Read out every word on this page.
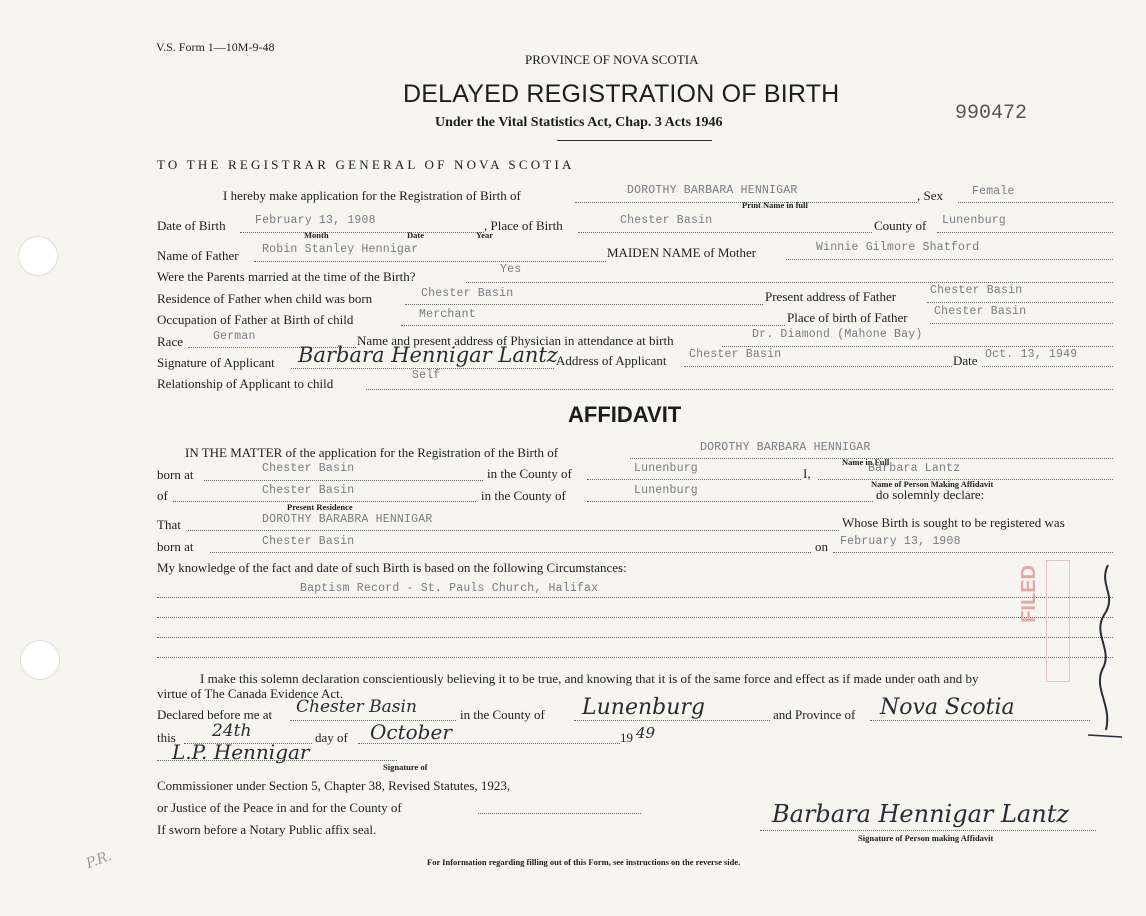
V.S. Form 1—10M-9-48
PROVINCE OF NOVA SCOTIA
DELAYED REGISTRATION OF BIRTH
Under the Vital Statistics Act, Chap. 3 Acts 1946	990472
TO THE REGISTRAR GENERAL OF NOVA SCOTIA
I hereby make application for the Registration of Birth of	DOROTHY BARBARA HENNIGAR
Print Name in full
, Sex	Female
Date of Birth	February 13, 1908
Month	Date	Year
, Place of Birth	Chester Basin	County of Lunenburg
Name of Father Robin Stanley Hennigar	MAIDEN NAME of Mother	Winnie Gilmore Shatford
Were the Parents married at the time of the Birth?	Yes
Residence of Father when child was born	Chester Basin	Present address of Father	Chester Basin
Occupation of Father at Birth of child	Merchant	Place of birth of Father Chester Basin
Race	German	Name and present address of Physician in attendance at birth	Dr. Diamond (Mahone Bay)
Signature of Applicant Barbara Hennigar Lantz
Address of Applicant Chester Basin	Date Oct. 13, 1949
Relationship of Applicant to child
Self
AFFIDAVIT
IN THE MATTER of the application for the Registration of the Birth of	DOROTHY BARBARA HENNIGAR
Name in Full
born at	Chester Basin	in the County of	Lunenburg	I,	Barbara Lantz
Name of Person Making Affidavit
of	Chester Basin
Present Residence
in the County of	Lunenburg	do solemnly declare:
That	DOROTHY BARABRA HENNIGAR	Whose Birth is sought to be registered was
born at	Chester Basin	on February 13, 1908
My knowledge of the fact and date of such Birth is based on the following Circumstances:
Baptism Record - St. Pauls Church, Halifax
I make this solemn declaration conscientiously believing it to be true, and knowing that it is of the same force and effect as if made under oath and by
virtue of The Canada Evidence Act.
Declared before me at Chester Basin	in the County of Lunenburg	and Province of Nova Scotia
this 24th	day of October	19 49
L.P. Hennigar
Signature of
Commissioner under Section 5, Chapter 38, Revised Statutes, 1923,
or Justice of the Peace in and for the County of
If sworn before a Notary Public affix seal.
Barbara Hennigar Lantz
Signature of Person making Affidavit
For Information regarding filling out of this Form, see instructions on the reverse side.
FILED
P.R.
